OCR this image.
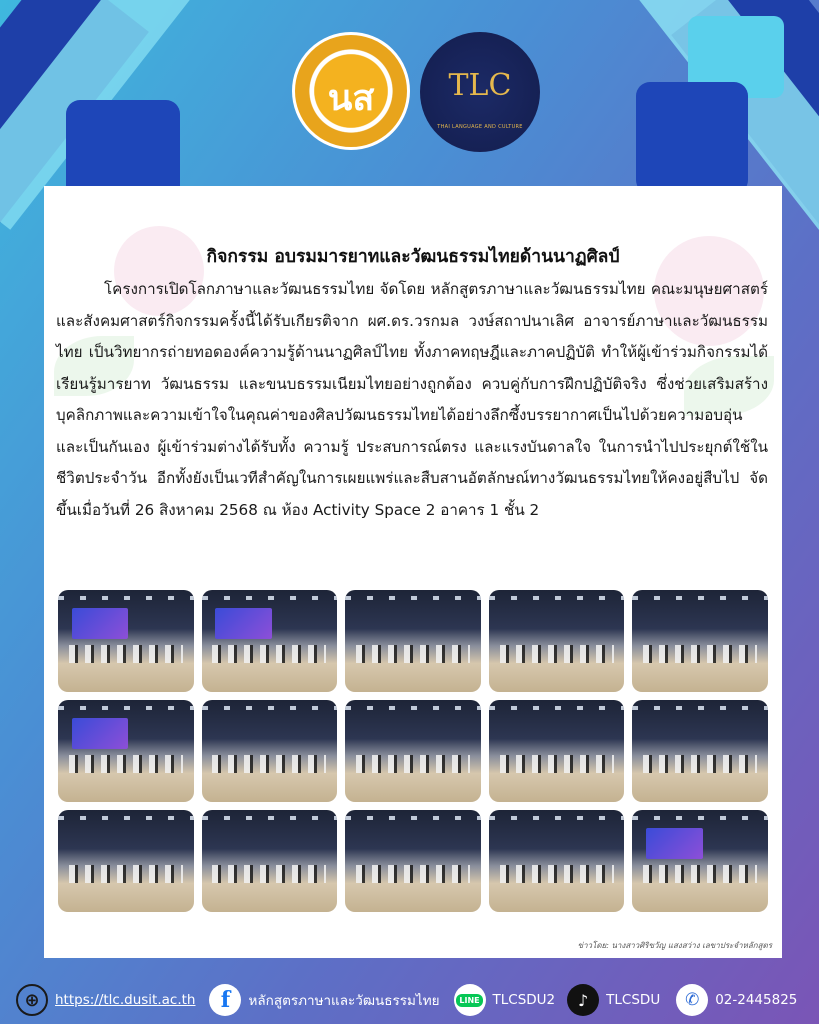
นส	TLC
THAI LANGUAGE AND CULTURE
กิจกรรม อบรมมารยาทและวัฒนธรรมไทยด้านนาฏศิลป์

โครงการเปิดโลกภาษาและวัฒนธรรมไทย จัดโดย หลักสูตรภาษาและวัฒนธรรมไทย คณะมนุษยศาสตร์และสังคมศาสตร์กิจกรรมครั้งนี้ได้รับเกียรติจาก ผศ.ดร.วรกมล วงษ์สถาปนาเลิศ อาจารย์ภาษาและวัฒนธรรมไทย เป็นวิทยากรถ่ายทอดองค์ความรู้ด้านนาฏศิลป์ไทย ทั้งภาคทฤษฎีและภาคปฏิบัติ ทำให้ผู้เข้าร่วมกิจกรรมได้เรียนรู้มารยาท วัฒนธรรม และขนบธรรมเนียมไทยอย่างถูกต้อง ควบคู่กับการฝึกปฏิบัติจริง ซึ่งช่วยเสริมสร้างบุคลิกภาพและความเข้าใจในคุณค่าของศิลปวัฒนธรรมไทยได้อย่างลึกซึ้งบรรยากาศเป็นไปด้วยความอบอุ่นและเป็นกันเอง ผู้เข้าร่วมต่างได้รับทั้ง ความรู้ ประสบการณ์ตรง และแรงบันดาลใจ ในการนำไปประยุกต์ใช้ในชีวิตประจำวัน อีกทั้งยังเป็นเวทีสำคัญในการเผยแพร่และสืบสานอัตลักษณ์ทางวัฒนธรรมไทยให้คงอยู่สืบไป จัดขึ้นเมื่อวันที่ 26 สิงหาคม 2568 ณ ห้อง Activity Space 2 อาคาร 1 ชั้น 2

ข่าวโดย: นางสาวศิริขวัญ แสงสว่าง เลขาประจำหลักสูตร
⊕	https://tlc.dusit.ac.th	f	หลักสูตรภาษาและวัฒนธรรมไทย	LINE TLCSDU2	♪	TLCSDU	✆	02-2445825
